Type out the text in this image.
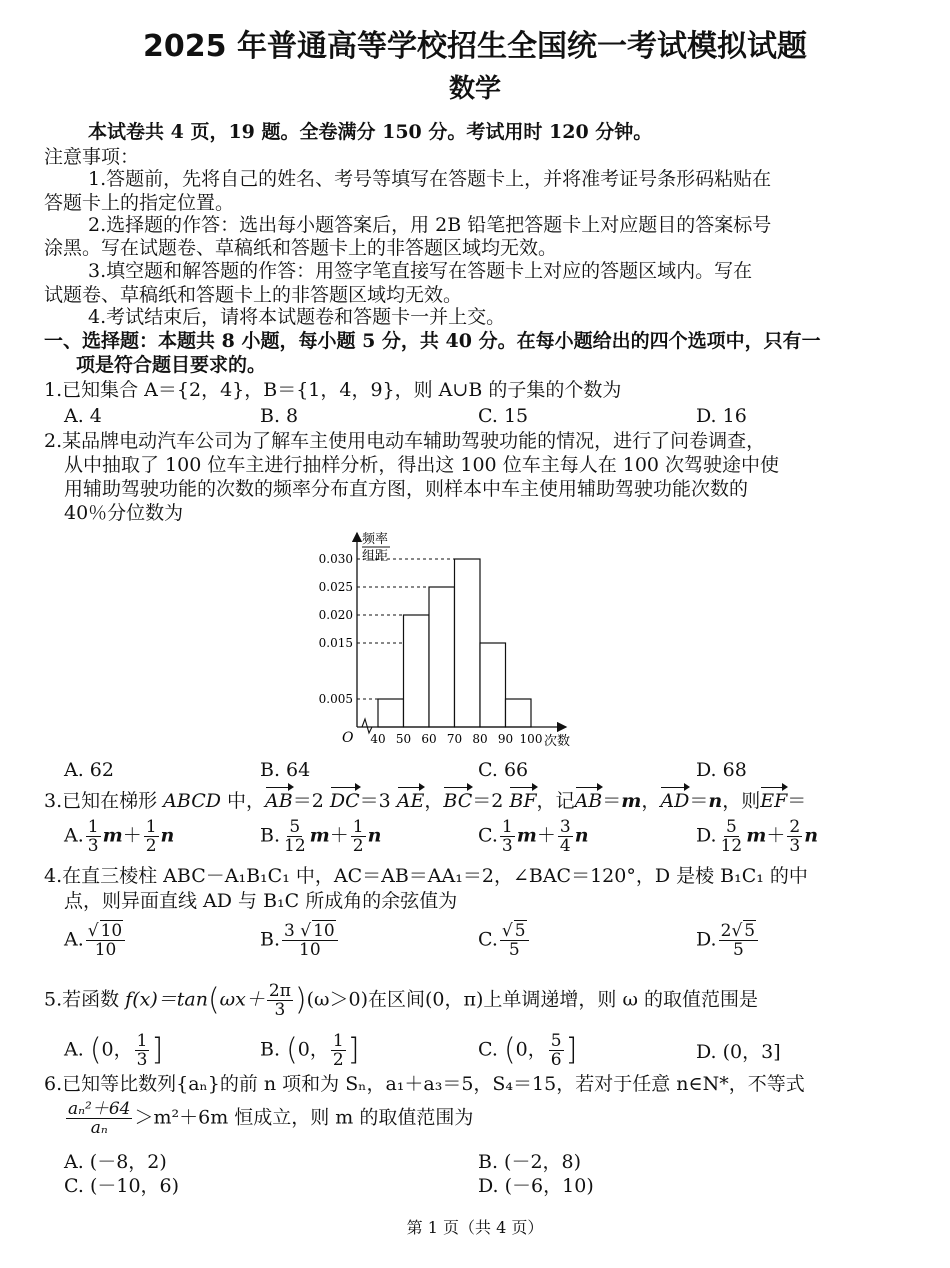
2025 年普通高等学校招生全国统一考试模拟试题
数学
本试卷共 4 页，19 题。全卷满分 150 分。考试用时 120 分钟。
注意事项：
1.答题前，先将自己的姓名、考号等填写在答题卡上，并将准考证号条形码粘贴在
答题卡上的指定位置。
2.选择题的作答：选出每小题答案后，用 2B 铅笔把答题卡上对应题目的答案标号
涂黑。写在试题卷、草稿纸和答题卡上的非答题区域均无效。
3.填空题和解答题的作答：用签字笔直接写在答题卡上对应的答题区域内。写在
试题卷、草稿纸和答题卡上的非答题区域均无效。
4.考试结束后，请将本试题卷和答题卡一并上交。
一、选择题：本题共 8 小题，每小题 5 分，共 40 分。在每小题给出的四个选项中，只有一
项是符合题目要求的。
1.已知集合 A＝{2，4}，B＝{1，4，9}，则 A∪B 的子集的个数为
A. 4	B. 8	C. 15	D. 16
2.某品牌电动汽车公司为了解车主使用电动车辅助驾驶功能的情况，进行了问卷调查，
从中抽取了 100 位车主进行抽样分析，得出这 100 位车主每人在 100 次驾驶途中使
用辅助驾驶功能的次数的频率分布直方图，则样本中车主使用辅助驾驶功能次数的
40％分位数为
频率
组距
O	次数
40 50 60 70 80 90 100
0.005
0.015
0.020
0.025
0.030
A. 62	B. 64	C. 66	D. 68
3.已知在梯形 ABCD 中，AB＝2 DC＝3 AE，BC＝2 BF，记AB＝m，AD＝n，则EF＝
A. $\frac{1}{3} m+ \frac{1}{2}$ n	B. $\frac{5}{12} m+ \frac{1}{2}$ n	C. $\frac{1}{3} m+ \frac{3}{4}$ n	D. $\frac{5}{12} m+ \frac{2}{3}$ n
4.在直三棱柱 ABC－A₁B₁C₁ 中，AC＝AB＝AA₁＝2，∠BAC＝120°，D 是棱 B₁C₁ 的中
点，则异面直线 AD 与 B₁C 所成角的余弦值为
A. $\frac{√ 10}{10}$	B. $\frac{3 √ 10}{10}$	C. $\frac{√ 5}{5}$	D. $\frac{2√ 5}{5}$
5.若函数 $f(x)=\tan(\omega x+ \frac{2\pi}{3} )(\omega>0)$在区间(0，π)上单调递增，则 ω 的取值范围是
A. (0， $\frac{1}{3}$ ]	B. (0， $\frac{1}{2}$ ]	C. (0， $\frac{5}{6}$ ]	D. (0，3]
6.已知等比数列{aₙ}的前 n 项和为 Sₙ，a₁＋a₃＝5，S₄＝15，若对于任意 n∈N*，不等式
$\frac{\text{aₙ²＋64}}{\text{aₙ}} >m^2+6m$ 恒成立，则 m 的取值范围为
A. (－8，2)	B. (－2，8)
C. (－10，6)	D. (－6，10)
第 1 页（共 4 页）
